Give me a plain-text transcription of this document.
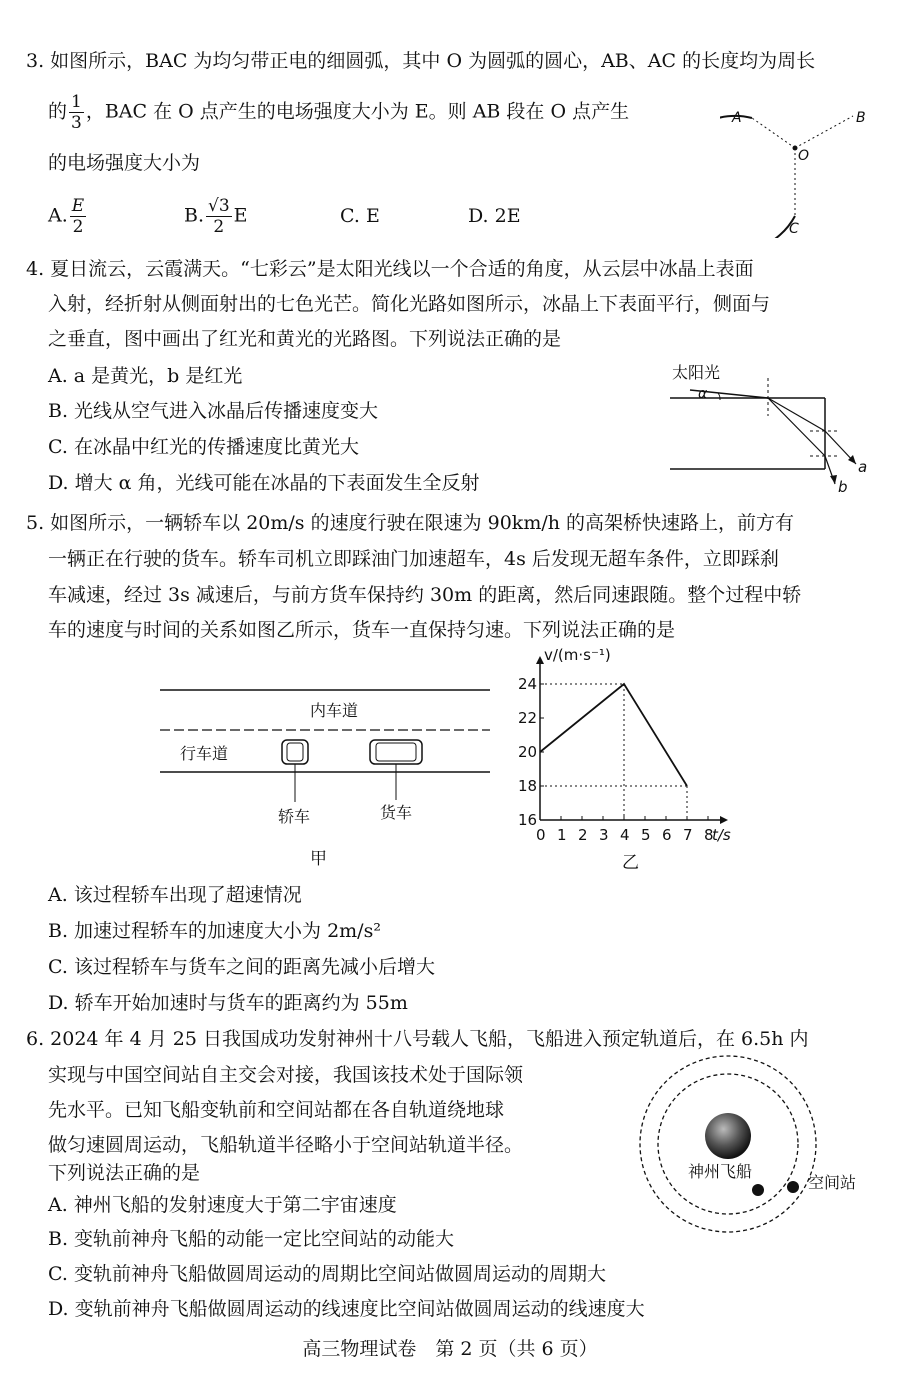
3. 如图所示，BAC 为均匀带正电的细圆弧，其中 O 为圆弧的圆心，AB、AC 的长度均为周长
的 $\frac{1}{3}$ ，BAC 在 O 点产生的电场强度大小为 E。则 AB 段在 O 点产生
的电场强度大小为
A. $\frac{E}{2}$	B. $\frac{√3}{2}$ E	C. E	D. 2E
A	B
O
C
4. 夏日流云，云霞满天。“七彩云”是太阳光线以一个合适的角度，从云层中冰晶上表面
入射，经折射从侧面射出的七色光芒。简化光路如图所示，冰晶上下表面平行，侧面与
之垂直，图中画出了红光和黄光的光路图。下列说法正确的是
A. a 是黄光，b 是红光
B. 光线从空气进入冰晶后传播速度变大
C. 在冰晶中红光的传播速度比黄光大
D. 增大 α 角，光线可能在冰晶的下表面发生全反射
太阳光
α
a
b
5. 如图所示，一辆轿车以 20m/s 的速度行驶在限速为 90km/h 的高架桥快速路上，前方有
一辆正在行驶的货车。轿车司机立即踩油门加速超车，4s 后发现无超车条件，立即踩刹
车减速，经过 3s 减速后，与前方货车保持约 30m 的距离，然后同速跟随。整个过程中轿
车的速度与时间的关系如图乙所示，货车一直保持匀速。下列说法正确的是
内车道
行车道
轿车	货车
甲
0 1 2 3 4 5 6 7 8
16
18
20
22
24
v/(m·s⁻¹)
t/s
乙
A. 该过程轿车出现了超速情况
B. 加速过程轿车的加速度大小为 2m/s²
C. 该过程轿车与货车之间的距离先减小后增大
D. 轿车开始加速时与货车的距离约为 55m
6. 2024 年 4 月 25 日我国成功发射神州十八号载人飞船，飞船进入预定轨道后，在 6.5h 内
实现与中国空间站自主交会对接，我国该技术处于国际领
先水平。已知飞船变轨前和空间站都在各自轨道绕地球
做匀速圆周运动，飞船轨道半径略小于空间站轨道半径。
下列说法正确的是
A. 神州飞船的发射速度大于第二宇宙速度
B. 变轨前神舟飞船的动能一定比空间站的动能大
C. 变轨前神舟飞船做圆周运动的周期比空间站做圆周运动的周期大
D. 变轨前神舟飞船做圆周运动的线速度比空间站做圆周运动的线速度大
神州飞船
空间站
高三物理试卷　第 2 页（共 6 页）
